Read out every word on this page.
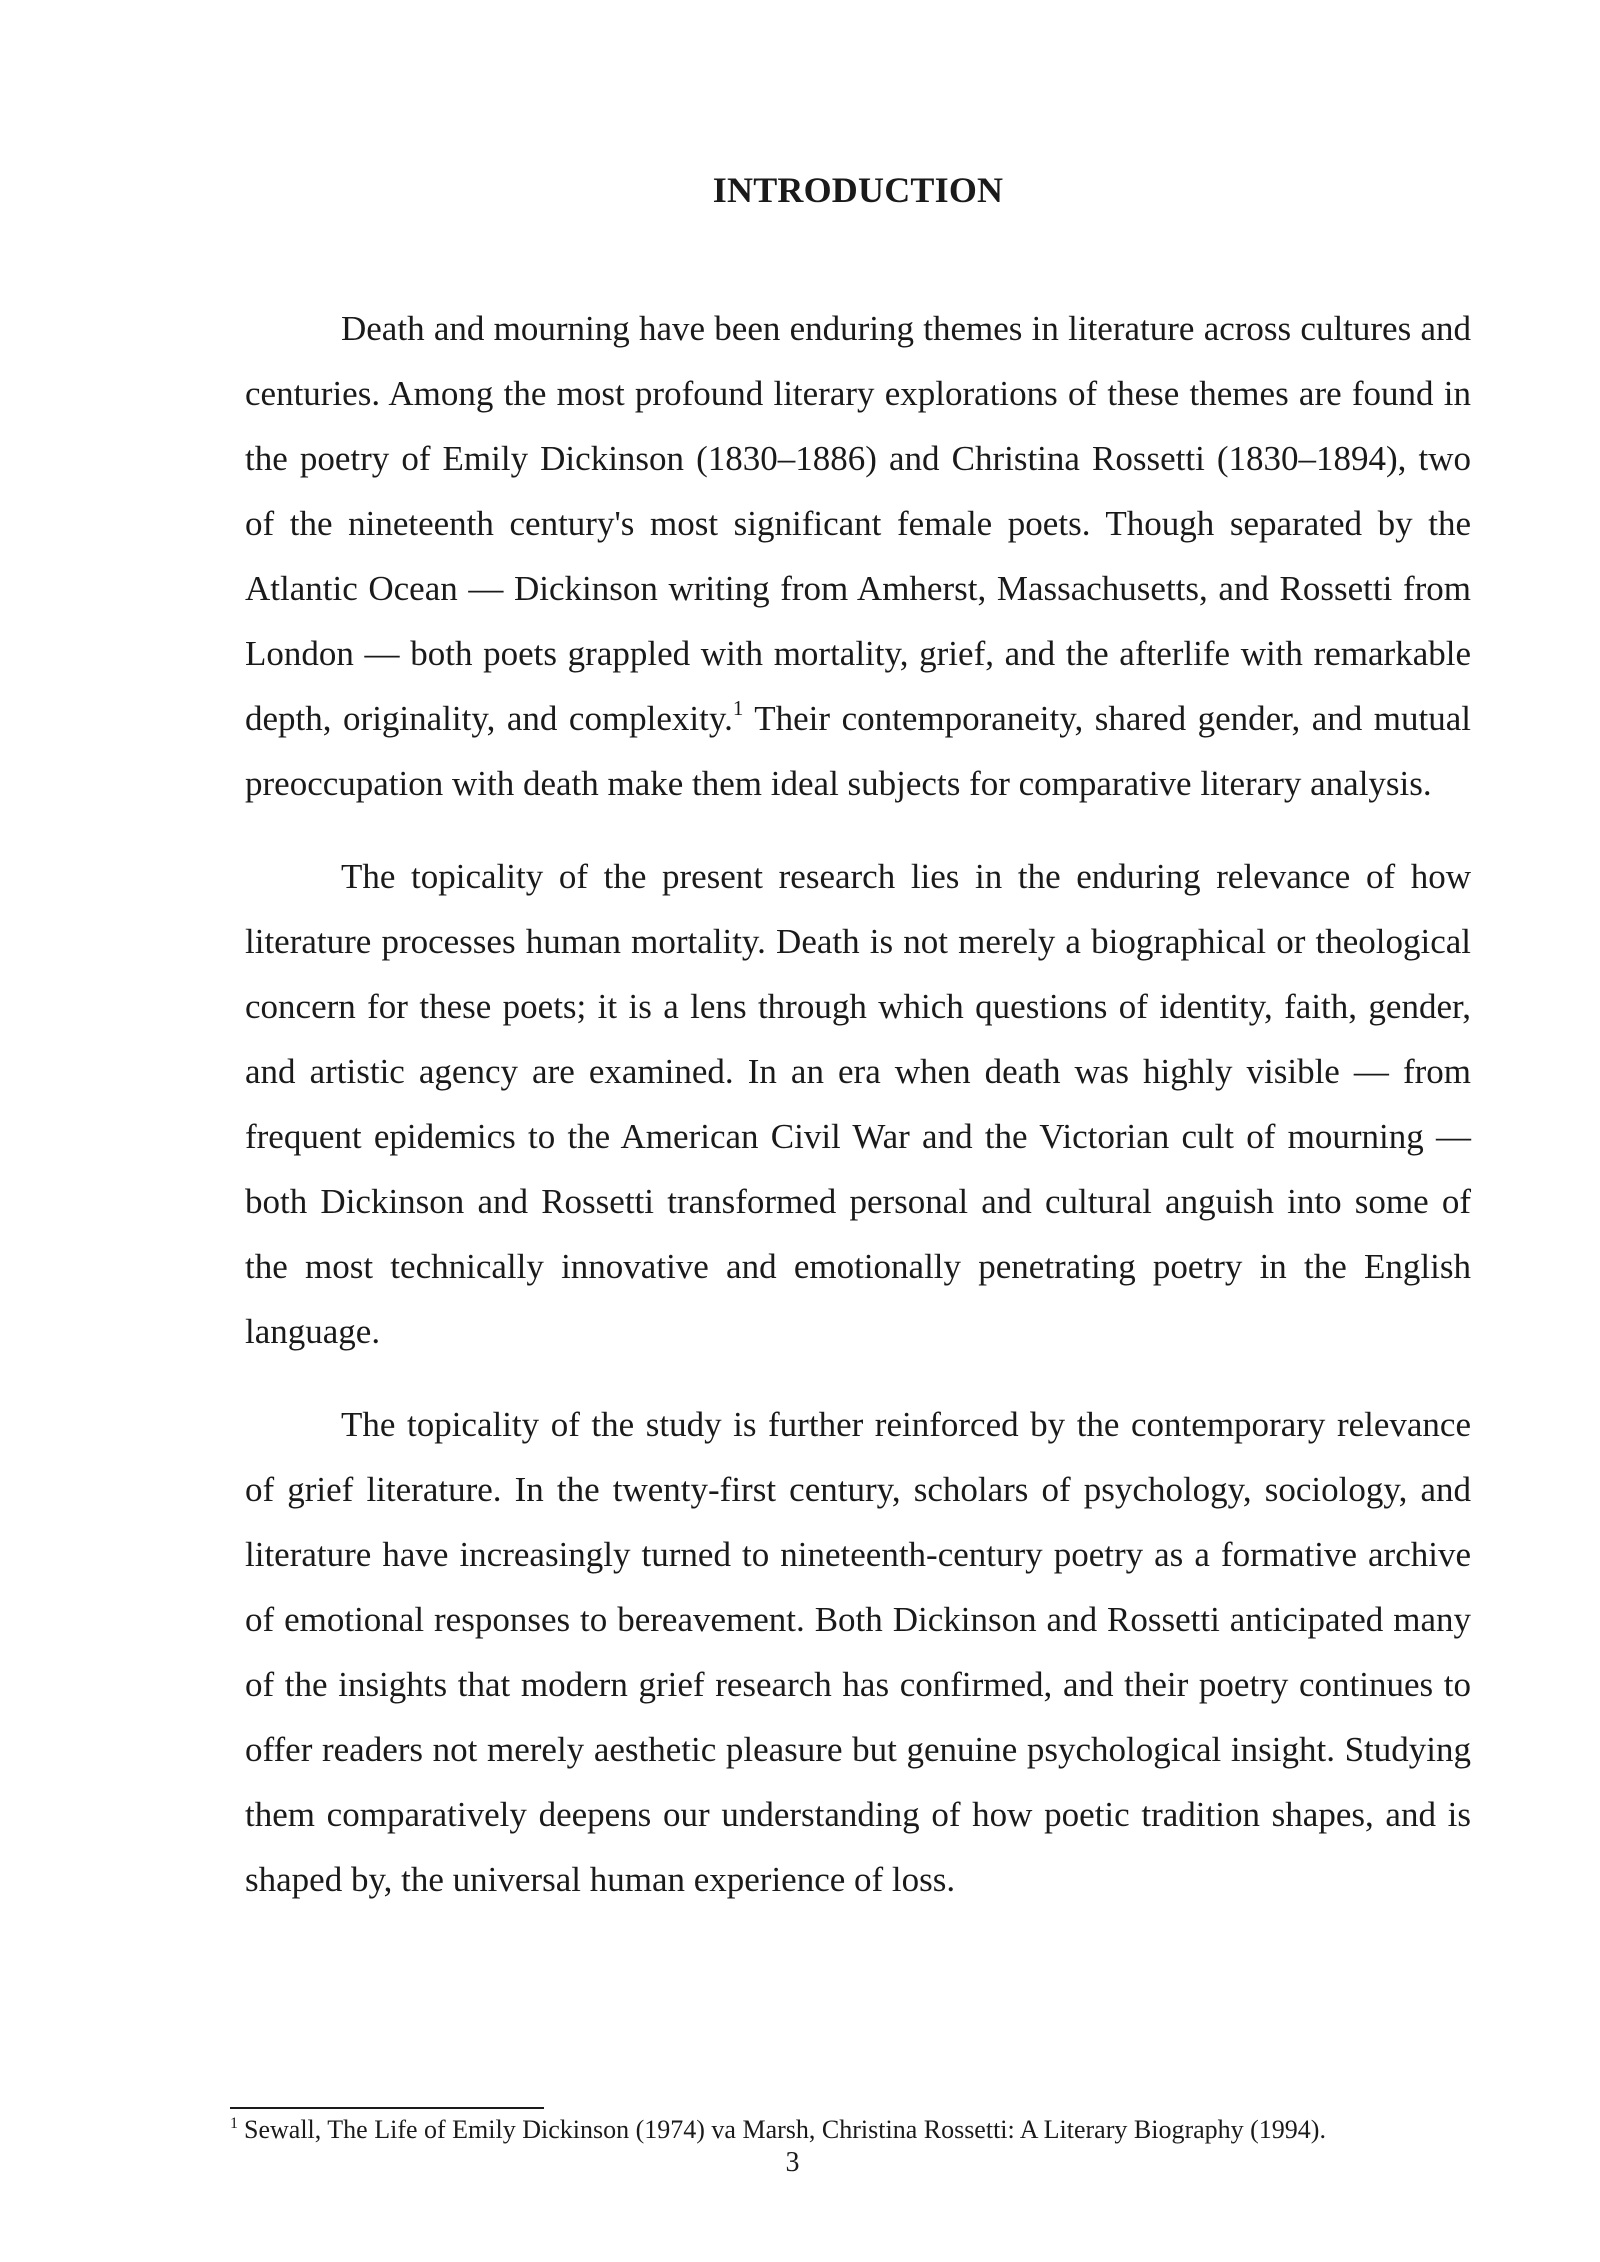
INTRODUCTION

Death and mourning have been enduring themes in literature across cultures and centuries. Among the most profound literary explorations of these themes are found in the poetry of Emily Dickinson (1830–1886) and Christina Rossetti (1830–1894), two of the nineteenth century's most significant female poets. Though separated by the Atlantic Ocean — Dickinson writing from Amherst, Massachusetts, and Rossetti from London — both poets grappled with mortality, grief, and the afterlife with remarkable depth, originality, and complexity.$^1$ Their contemporaneity, shared gender, and mutual preoccupation with death make them ideal subjects for comparative literary analysis.

The topicality of the present research lies in the enduring relevance of how literature processes human mortality. Death is not merely a biographical or theological concern for these poets; it is a lens through which questions of identity, faith, gender, and artistic agency are examined. In an era when death was highly visible — from frequent epidemics to the American Civil War and the Victorian cult of mourning — both Dickinson and Rossetti transformed personal and cultural anguish into some of the most technically innovative and emotionally penetrating poetry in the English language.

The topicality of the study is further reinforced by the contemporary relevance of grief literature. In the twenty-first century, scholars of psychology, sociology, and literature have increasingly turned to nineteenth-century poetry as a formative archive of emotional responses to bereavement. Both Dickinson and Rossetti anticipated many of the insights that modern grief research has confirmed, and their poetry continues to offer readers not merely aesthetic pleasure but genuine psychological insight. Studying them comparatively deepens our understanding of how poetic tradition shapes, and is shaped by, the universal human experience of loss.

$^1$ Sewall, The Life of Emily Dickinson (1974) va Marsh, Christina Rossetti: A Literary Biography (1994).

3
